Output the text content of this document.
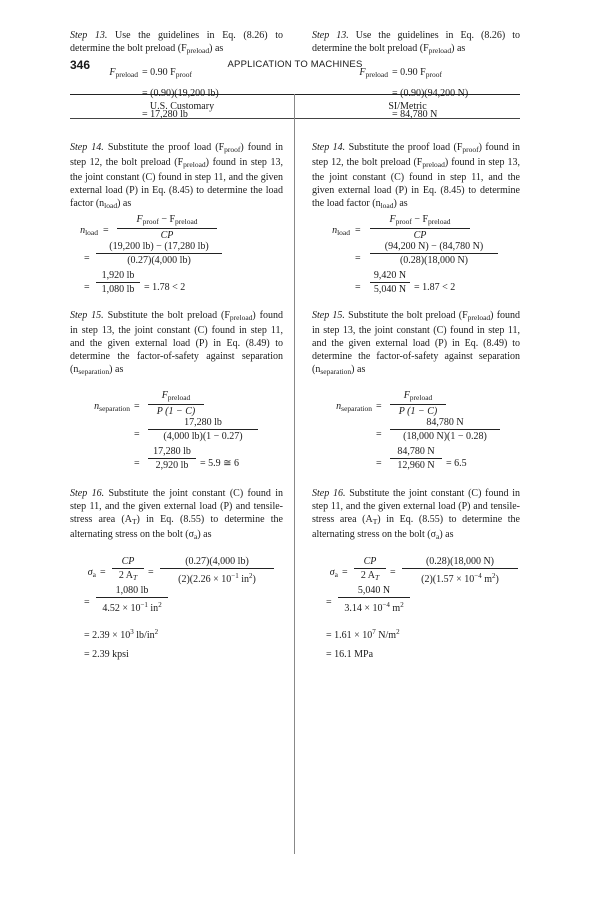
346	APPLICATION TO MACHINES
U.S. Customary	SI/Metric
Step 13. Use the guidelines in Eq. (8.26) to determine the bolt preload $(F_{preload})$ as
$F_{preload} = 0.90$ $F_{proof}$
= (0.90)(19,200 lb)
= 17,280 lb
Step 14. Substitute the proof load $(F_{proof})$ found in step 12, the bolt preload $(F_{preload})$ found in step 13, the joint constant (C) found in step 11, and the given external load (P) in Eq. (8.45) to determine the load factor $(n_{load})$ as
$n_{load}$ =
$F_{proof} - F_{preload}$
CP
= $\frac{(19,200 lb) - (17,280 lb)}{(0.27)(4,000 lb)}$
= $\frac{1,920 lb}{1,080 lb} = 1.78 < 2$
Step 15. Substitute the bolt preload $(F_{preload})$ found in step 13, the joint constant (C) found in step 11, and the given external load (P) in Eq. (8.49) to determine the factor-of-safety against separation $(n_{separation})$ as
$n_{separation}$ =
$F_{preload}$
P (1 − C)
= $\frac{17,280 lb}{(4,000 lb)(1 - 0.27)}$
= $\frac{17,280 lb}{2,920 lb} = 5.9$ ≅ 6
Step 16. Substitute the joint constant (C) found in step 11, and the given external load (P) and tensile-stress area $(A_T)$ in Eq. (8.55) to determine the alternating stress on the bolt $(\sigma_a)$ as
$\sigma_a = \frac{CP}{2 A_T} = \frac{(0.27)(4,000 lb)}{(2)(2.26 \times 10^{-1} in^2)}$
= $\frac{1,080 lb}{4.52 \times 10^{-1} in^2}$
= $2.39 \times 10^3$ $lb/in^2$
= 2.39 kpsi
Step 13. Use the guidelines in Eq. (8.26) to determine the bolt preload $(F_{preload})$ as
$F_{preload} = 0.90$ $F_{proof}$
= (0.90)(94,200 N)
= 84,780 N
Step 14. Substitute the proof load $(F_{proof})$ found in step 12, the bolt preload $(F_{preload})$ found in step 13, the joint constant (C) found in step 11, and the given external load (P) in Eq. (8.45) to determine the load factor $(n_{load})$ as
$n_{load}$ =
$F_{proof} - F_{preload}$
CP
= $\frac{(94,200 N) - (84,780 N)}{(0.28)(18,000 N)}$
= $\frac{9,420 N}{5,040 N} = 1.87 < 2$
Step 15. Substitute the bolt preload $(F_{preload})$ found in step 13, the joint constant (C) found in step 11, and the given external load (P) in Eq. (8.49) to determine the factor-of-safety against separation $(n_{separation})$ as
$n_{separation}$ =
$F_{preload}$
P (1 − C)
= $\frac{84,780 N}{(18,000 N)(1 - 0.28)}$
= $\frac{84,780 N}{12,960 N} = 6.5$
Step 16. Substitute the joint constant (C) found in step 11, and the given external load (P) and tensile-stress area $(A_T)$ in Eq. (8.55) to determine the alternating stress on the bolt $(\sigma_a)$ as
$\sigma_a = \frac{CP}{2 A_T} = \frac{(0.28)(18,000 N)}{(2)(1.57 \times 10^{-4} m^2)}$
= $\frac{5,040 N}{3.14 \times 10^{-4} m^2}$
= $1.61 \times 10^7$ $N/m^2$
= 16.1 MPa
